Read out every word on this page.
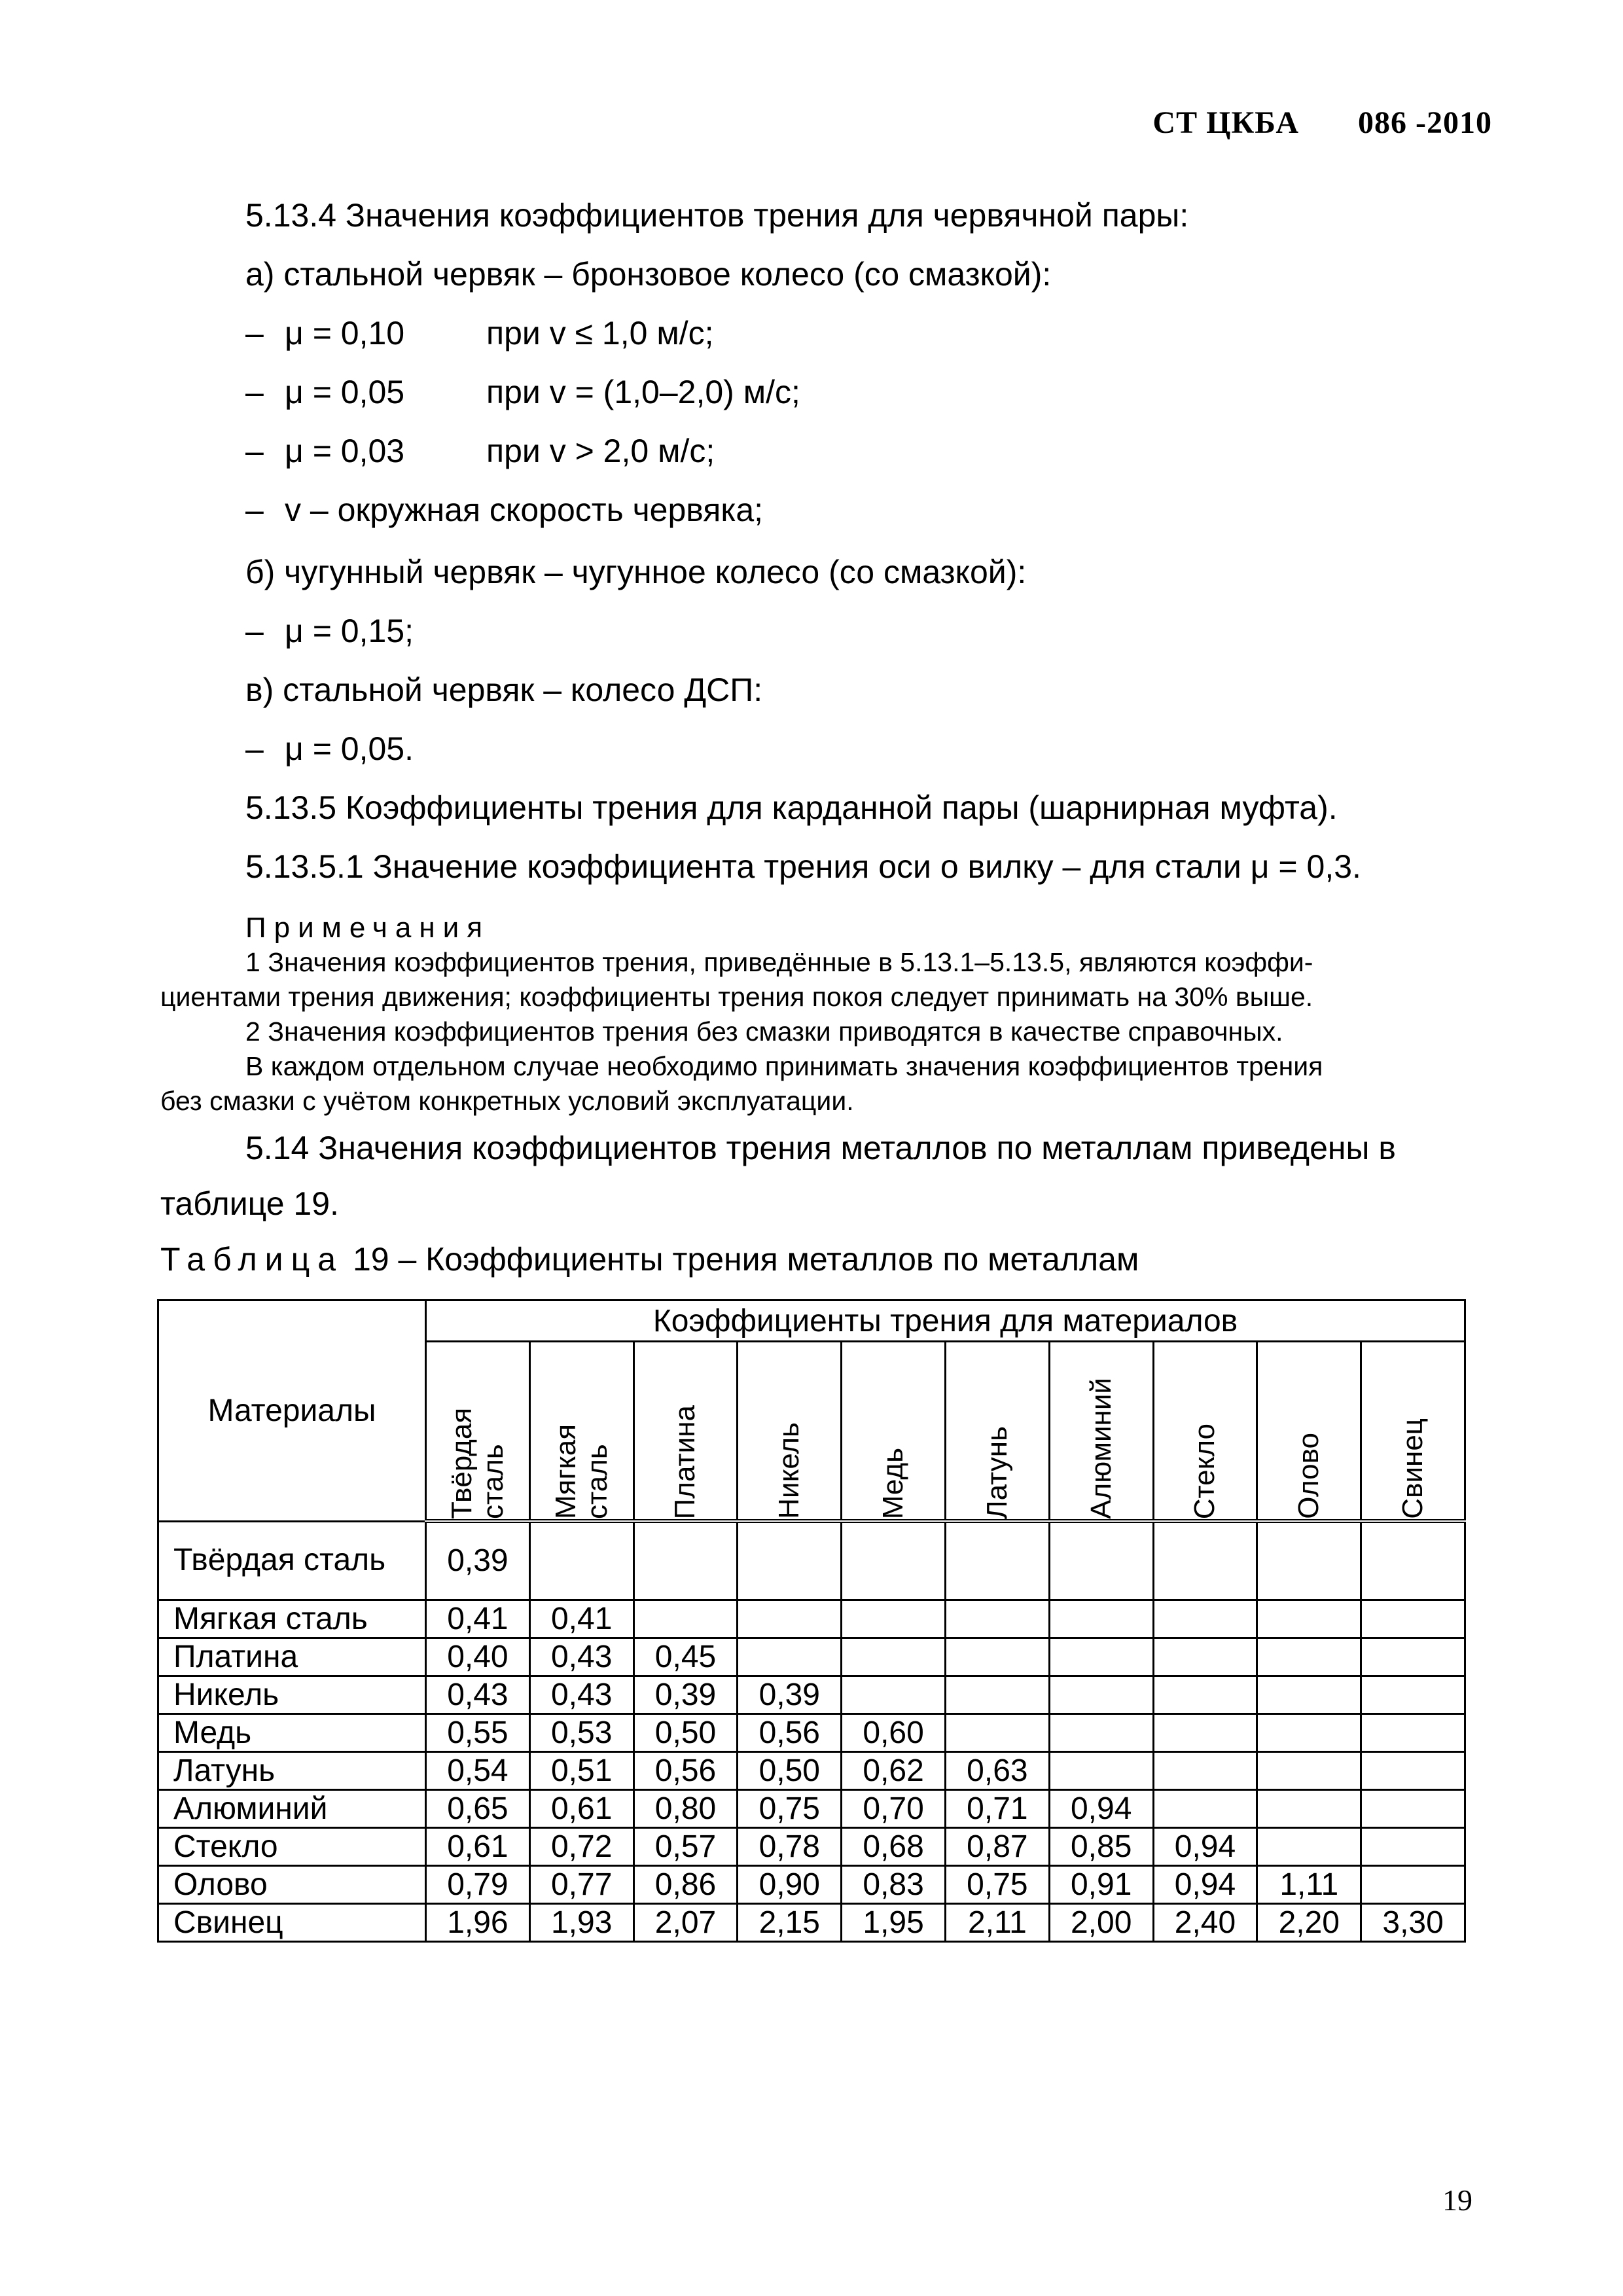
СТ ЦКБА 086 -2010
5.13.4 Значения коэффициентов трения для червячной пары:
а) стальной червяк – бронзовое колесо (со смазкой):
– μ = 0,10 при v ≤ 1,0 м/с;
– μ = 0,05 при v = (1,0–2,0) м/с;
– μ = 0,03 при v > 2,0 м/с;
– v – окружная скорость червяка;
б) чугунный червяк – чугунное колесо (со смазкой):
– μ = 0,15;
в) стальной червяк – колесо ДСП:
– μ = 0,05.
5.13.5 Коэффициенты трения для карданной пары (шарнирная муфта).
5.13.5.1 Значение коэффициента трения оси о вилку – для стали μ = 0,3.
Примечания
1 Значения коэффициентов трения, приведённые в 5.13.1–5.13.5, являются коэффи-
циентами трения движения; коэффициенты трения покоя следует принимать на 30% выше.
2 Значения коэффициентов трения без смазки приводятся в качестве справочных.
В каждом отдельном случае необходимо принимать значения коэффициентов трения
без смазки с учётом конкретных условий эксплуатации.
5.14 Значения коэффициентов трения металлов по металлам приведены в
таблице 19.
Таблица 19 – Коэффициенты трения металлов по металлам
Материалы	Коэффициенты трения для материалов									

	Твёрдая сталь	Мягкая сталь	Платина	Никель	Медь	Латунь	Алюминий	Стекло	Олово	Свинец

Твёрдая сталь	0,39									
Мягкая сталь	0,41	0,41								
Платина	0,40	0,43	0,45							
Никель	0,43	0,43	0,39	0,39						
Медь	0,55	0,53	0,50	0,56	0,60					
Латунь	0,54	0,51	0,56	0,50	0,62	0,63				
Алюминий	0,65	0,61	0,80	0,75	0,70	0,71	0,94			
Стекло	0,61	0,72	0,57	0,78	0,68	0,87	0,85	0,94		
Олово	0,79	0,77	0,86	0,90	0,83	0,75	0,91	0,94	1,11	
Свинец	1,96	1,93	2,07	2,15	1,95	2,11	2,00	2,40	2,20	3,30
19
